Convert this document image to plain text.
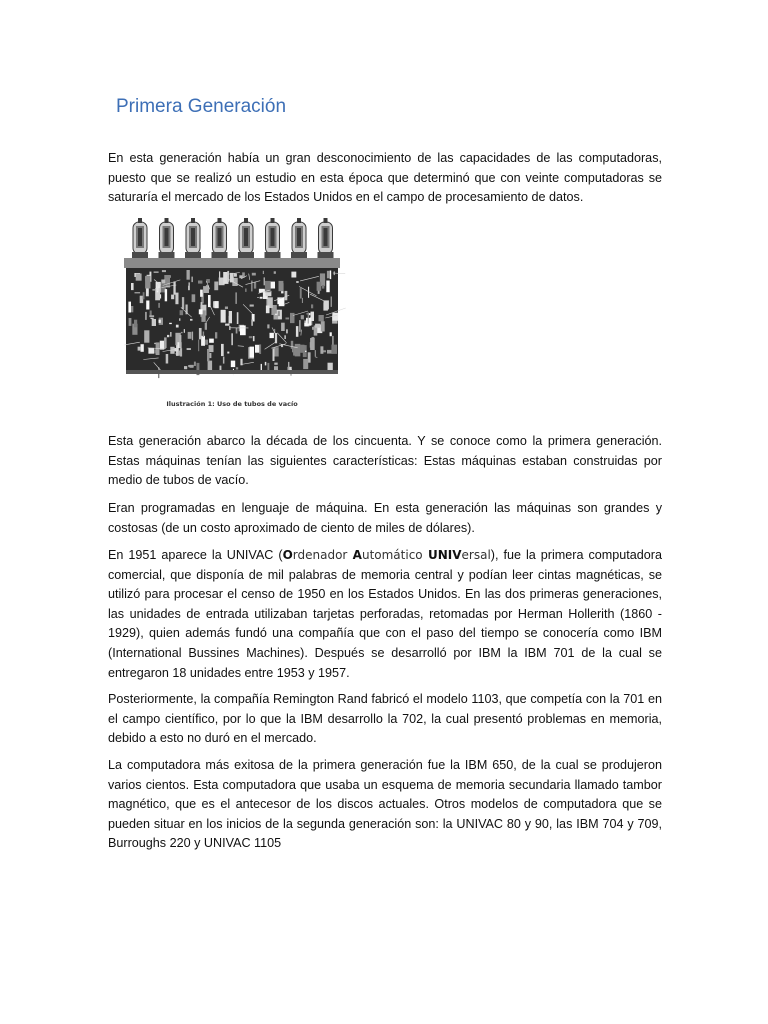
Primera Generación

En esta generación había un gran desconocimiento de las capacidades de las computadoras, puesto que se realizó un estudio en esta época que determinó que con veinte computadoras se saturaría el mercado de los Estados Unidos en el campo de procesamiento de datos.

Ilustración 1: Uso de tubos de vacío

Esta generación abarco la década de los cincuenta. Y se conoce como la primera generación. Estas máquinas tenían las siguientes características: Estas máquinas estaban construidas por medio de tubos de vacío.

Eran programadas en lenguaje de máquina. En esta generación las máquinas son grandes y costosas (de un costo aproximado de ciento de miles de dólares).

En 1951 aparece la UNIVAC (Ordenador Automático UNIVersal), fue la primera computadora comercial, que disponía de mil palabras de memoria central y podían leer cintas magnéticas, se utilizó para procesar el censo de 1950 en los Estados Unidos. En las dos primeras generaciones, las unidades de entrada utilizaban tarjetas perforadas, retomadas por Herman Hollerith (1860 - 1929), quien además fundó una compañía que con el paso del tiempo se conocería como IBM (International Bussines Machines). Después se desarrolló por IBM la IBM 701 de la cual se entregaron 18 unidades entre 1953 y 1957.

Posteriormente, la compañía Remington Rand fabricó el modelo 1103, que competía con la 701 en el campo científico, por lo que la IBM desarrollo la 702, la cual presentó problemas en memoria, debido a esto no duró en el mercado.

La computadora más exitosa de la primera generación fue la IBM 650, de la cual se produjeron varios cientos. Esta computadora que usaba un esquema de memoria secundaria llamado tambor magnético, que es el antecesor de los discos actuales. Otros modelos de computadora que se pueden situar en los inicios de la segunda generación son: la UNIVAC 80 y 90, las IBM 704 y 709, Burroughs 220 y UNIVAC 1105
